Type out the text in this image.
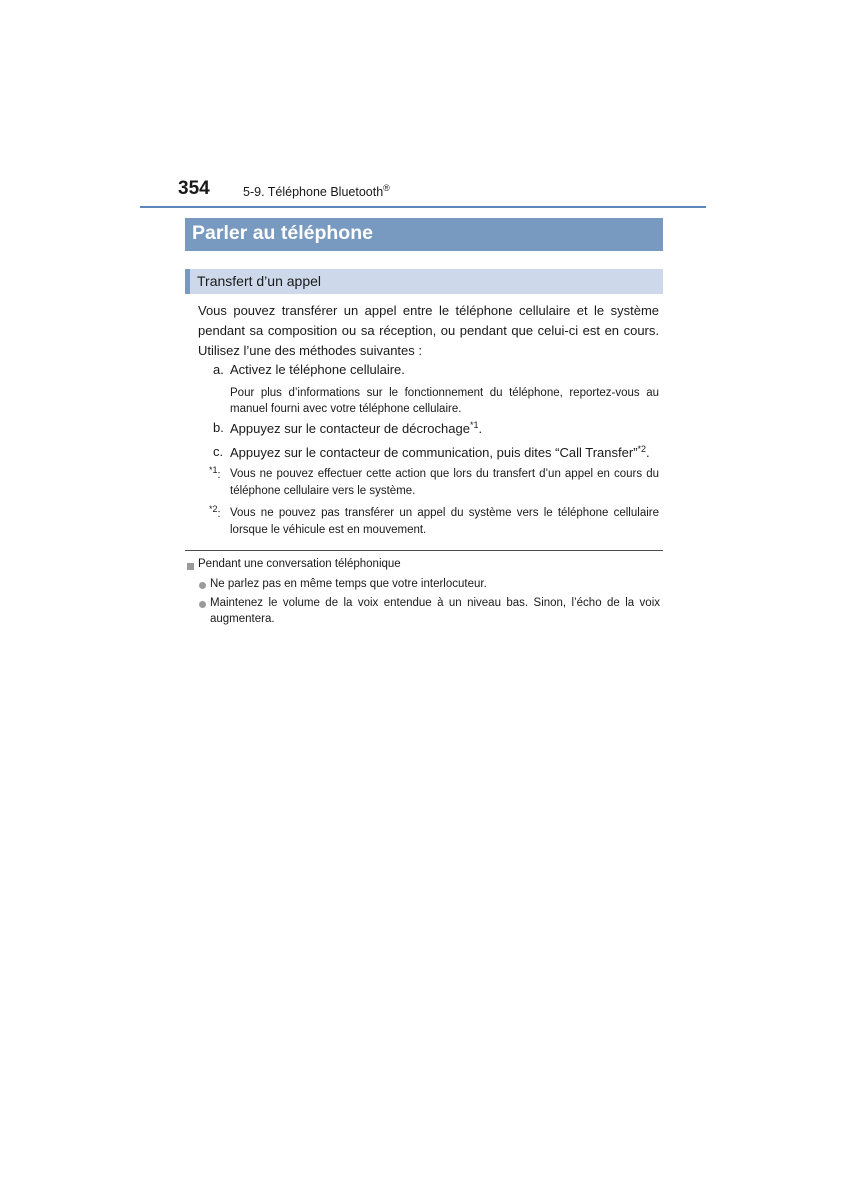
354	5-9. Téléphone Bluetooth®
Parler au téléphone
Transfert d’un appel
Vous pouvez transférer un appel entre le téléphone cellulaire et le système pendant sa composition ou sa réception, ou pendant que celui-ci est en cours. Utilisez l’une des méthodes suivantes :
a. Activez le téléphone cellulaire.
Pour plus d’informations sur le fonctionnement du téléphone, reportez-vous au manuel fourni avec votre téléphone cellulaire.
b. Appuyez sur le contacteur de décrochage$^{*1}$.
c. Appuyez sur le contacteur de communication, puis dites “Call Transfer”$^{*2}$.
$^{*1}$: Vous ne pouvez effectuer cette action que lors du transfert d’un appel en cours du téléphone cellulaire vers le système.
$^{*2}$: Vous ne pouvez pas transférer un appel du système vers le téléphone cellulaire lorsque le véhicule est en mouvement.
Pendant une conversation téléphonique
Ne parlez pas en même temps que votre interlocuteur.
Maintenez le volume de la voix entendue à un niveau bas. Sinon, l’écho de la voix augmentera.
